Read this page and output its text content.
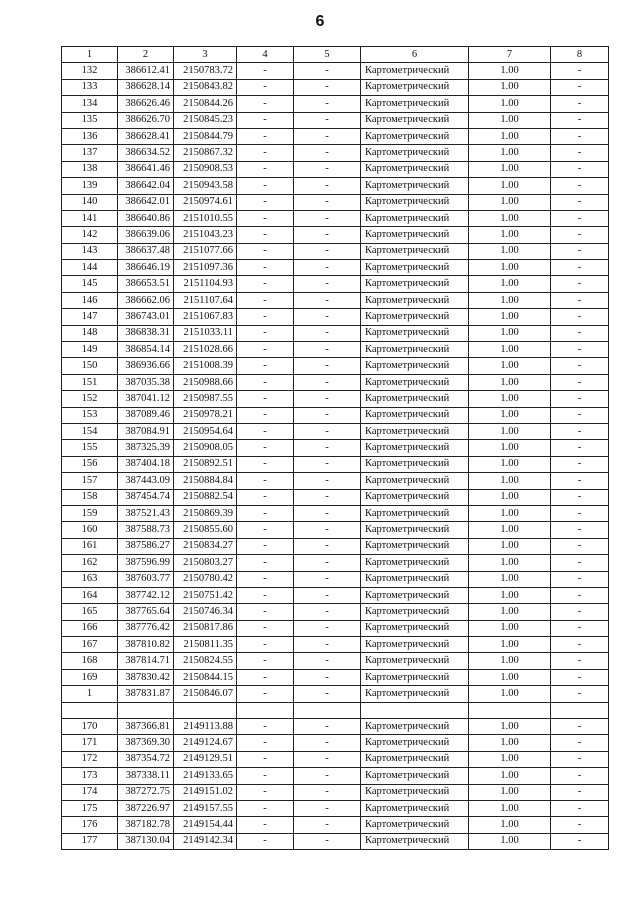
6
1	2	3	4	5	6	7	8
132	386612.41	2150783.72	-	-	Картометрический	1.00	-
133	386628.14	2150843.82	-	-	Картометрический	1.00	-
134	386626.46	2150844.26	-	-	Картометрический	1.00	-
135	386626.70	2150845.23	-	-	Картометрический	1.00	-
136	386628.41	2150844.79	-	-	Картометрический	1.00	-
137	386634.52	2150867.32	-	-	Картометрический	1.00	-
138	386641.46	2150908.53	-	-	Картометрический	1.00	-
139	386642.04	2150943.58	-	-	Картометрический	1.00	-
140	386642.01	2150974.61	-	-	Картометрический	1.00	-
141	386640.86	2151010.55	-	-	Картометрический	1.00	-
142	386639.06	2151043.23	-	-	Картометрический	1.00	-
143	386637.48	2151077.66	-	-	Картометрический	1.00	-
144	386646.19	2151097.36	-	-	Картометрический	1.00	-
145	386653.51	2151104.93	-	-	Картометрический	1.00	-
146	386662.06	2151107.64	-	-	Картометрический	1.00	-
147	386743.01	2151067.83	-	-	Картометрический	1.00	-
148	386838.31	2151033.11	-	-	Картометрический	1.00	-
149	386854.14	2151028.66	-	-	Картометрический	1.00	-
150	386936.66	2151008.39	-	-	Картометрический	1.00	-
151	387035.38	2150988.66	-	-	Картометрический	1.00	-
152	387041.12	2150987.55	-	-	Картометрический	1.00	-
153	387089.46	2150978.21	-	-	Картометрический	1.00	-
154	387084.91	2150954.64	-	-	Картометрический	1.00	-
155	387325.39	2150908.05	-	-	Картометрический	1.00	-
156	387404.18	2150892.51	-	-	Картометрический	1.00	-
157	387443.09	2150884.84	-	-	Картометрический	1.00	-
158	387454.74	2150882.54	-	-	Картометрический	1.00	-
159	387521.43	2150869.39	-	-	Картометрический	1.00	-
160	387588.73	2150855.60	-	-	Картометрический	1.00	-
161	387586.27	2150834.27	-	-	Картометрический	1.00	-
162	387596.99	2150803.27	-	-	Картометрический	1.00	-
163	387603.77	2150780.42	-	-	Картометрический	1.00	-
164	387742.12	2150751.42	-	-	Картометрический	1.00	-
165	387765.64	2150746.34	-	-	Картометрический	1.00	-
166	387776.42	2150817.86	-	-	Картометрический	1.00	-
167	387810.82	2150811.35	-	-	Картометрический	1.00	-
168	387814.71	2150824.55	-	-	Картометрический	1.00	-
169	387830.42	2150844.15	-	-	Картометрический	1.00	-
1	387831.87	2150846.07	-	-	Картометрический	1.00	-

170	387366.81	2149113.88	-	-	Картометрический	1.00	-
171	387369.30	2149124.67	-	-	Картометрический	1.00	-
172	387354.72	2149129.51	-	-	Картометрический	1.00	-
173	387338.11	2149133.65	-	-	Картометрический	1.00	-
174	387272.75	2149151.02	-	-	Картометрический	1.00	-
175	387226.97	2149157.55	-	-	Картометрический	1.00	-
176	387182.78	2149154.44	-	-	Картометрический	1.00	-
177	387130.04	2149142.34	-	-	Картометрический	1.00	-
